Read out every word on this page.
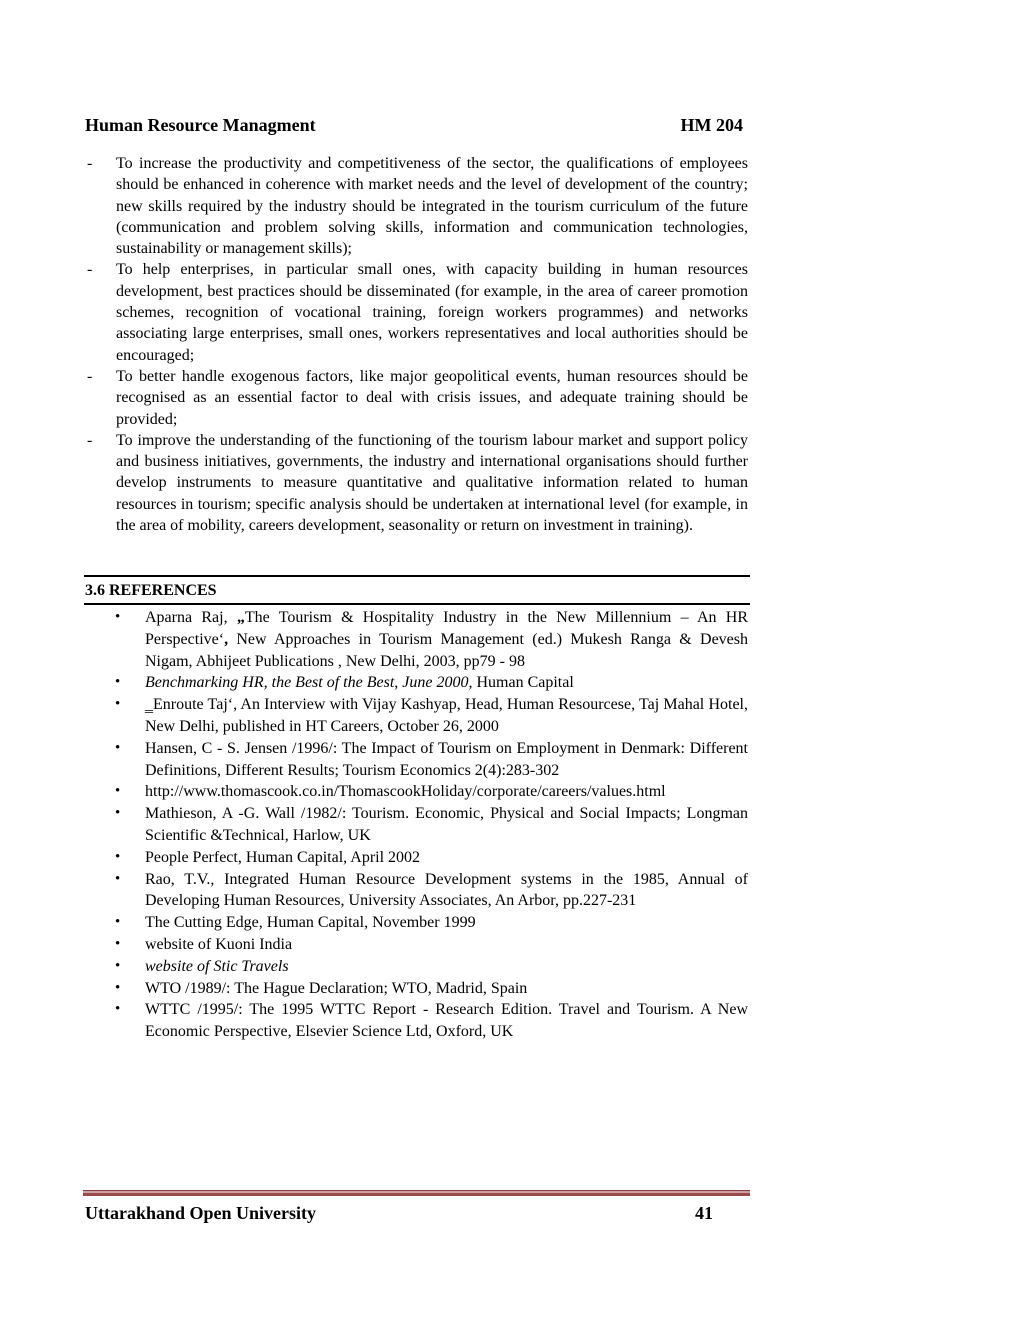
Human Resource Managment	HM 204
- To increase the productivity and competitiveness of the sector, the qualifications of employees should be enhanced in coherence with market needs and the level of development of the country; new skills required by the industry should be integrated in the tourism curriculum of the future (communication and problem solving skills, information and communication technologies, sustainability or management skills);
- To help enterprises, in particular small ones, with capacity building in human resources development, best practices should be disseminated (for example, in the area of career promotion schemes, recognition of vocational training, foreign workers programmes) and networks associating large enterprises, small ones, workers representatives and local authorities should be encouraged;
- To better handle exogenous factors, like major geopolitical events, human resources should be recognised as an essential factor to deal with crisis issues, and adequate training should be provided;
- To improve the understanding of the functioning of the tourism labour market and support policy and business initiatives, governments, the industry and international organisations should further develop instruments to measure quantitative and qualitative information related to human resources in tourism; specific analysis should be undertaken at international level (for example, in the area of mobility, careers development, seasonality or return on investment in training).
3.6 REFERENCES
• Aparna Raj, „The Tourism & Hospitality Industry in the New Millennium – An HR Perspective‘, New Approaches in Tourism Management (ed.) Mukesh Ranga & Devesh Nigam, Abhijeet Publications , New Delhi, 2003, pp79 - 98
• Benchmarking HR, the Best of the Best, June 2000, Human Capital
• ‗Enroute Taj‘, An Interview with Vijay Kashyap, Head, Human Resourcese, Taj Mahal Hotel, New Delhi, published in HT Careers, October 26, 2000
• Hansen, C - S. Jensen /1996/: The Impact of Tourism on Employment in Denmark: Different Definitions, Different Results; Tourism Economics 2(4):283-302
• http://www.thomascook.co.in/ThomascookHoliday/corporate/careers/values.html
• Mathieson, A -G. Wall /1982/: Tourism. Economic, Physical and Social Impacts; Longman Scientific &Technical, Harlow, UK
• People Perfect, Human Capital, April 2002
• Rao, T.V., Integrated Human Resource Development systems in the 1985, Annual of Developing Human Resources, University Associates, An Arbor, pp.227-231
• The Cutting Edge, Human Capital, November 1999
• website of Kuoni India
• website of Stic Travels
• WTO /1989/: The Hague Declaration; WTO, Madrid, Spain
• WTTC /1995/: The 1995 WTTC Report - Research Edition. Travel and Tourism. A New Economic Perspective, Elsevier Science Ltd, Oxford, UK
Uttarakhand Open University	41
